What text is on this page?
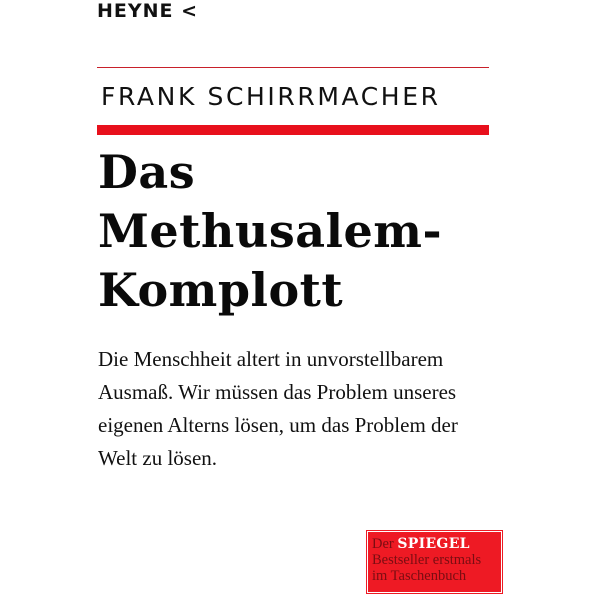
HEYNE <
FRANK SCHIRRMACHER
Das
Methusalem-
Komplott
Die Menschheit altert in unvorstellbarem
Ausmaß. Wir müssen das Problem unseres
eigenen Alterns lösen, um das Problem der
Welt zu lösen.
Der SPIEGEL
Bestseller erstmals
im Taschenbuch
